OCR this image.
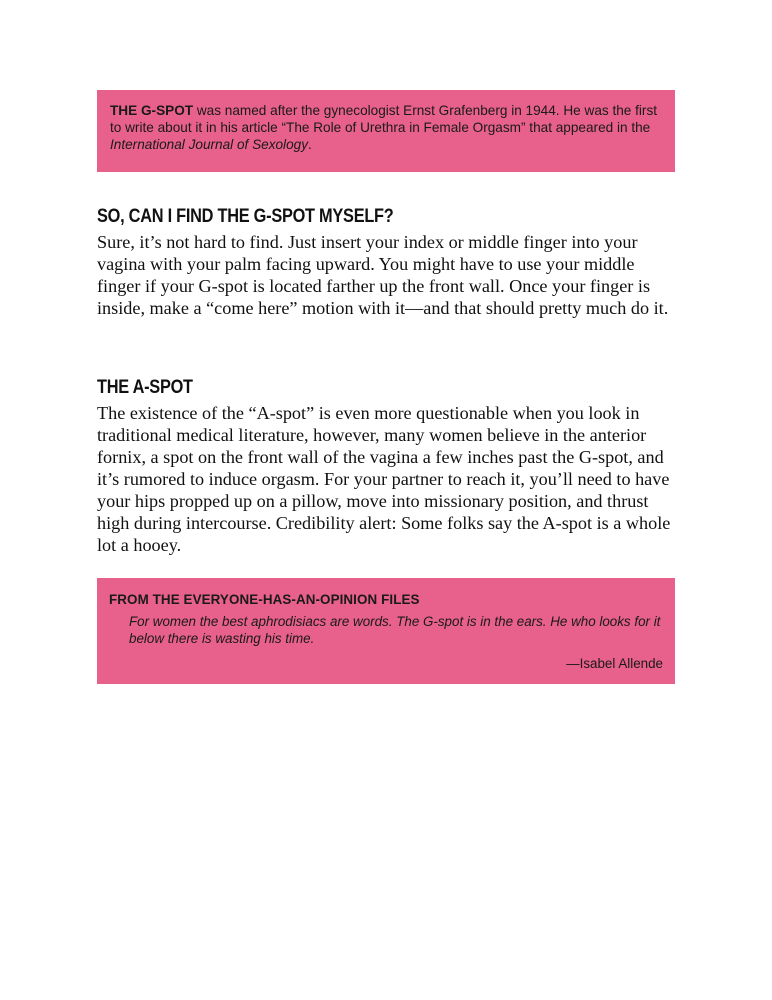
THE G-SPOT was named after the gynecologist Ernst Grafenberg in 1944. He was the first to write about it in his article “The Role of Urethra in Female Orgasm” that appeared in the International Journal of Sexology.
SO, CAN I FIND THE G-SPOT MYSELF?

Sure, it’s not hard to find. Just insert your index or middle finger into your vagina with your palm facing upward. You might have to use your middle finger if your G-spot is located farther up the front wall. Once your finger is inside, make a “come here” motion with it—and that should pretty much do it.

THE A-SPOT

The existence of the “A-spot” is even more questionable when you look in traditional medical literature, however, many women believe in the anterior fornix, a spot on the front wall of the vagina a few inches past the G-spot, and it’s rumored to induce orgasm. For your partner to reach it, you’ll need to have your hips propped up on a pillow, move into missionary position, and thrust high during intercourse. Credibility alert: Some folks say the A-spot is a whole lot a hooey.

FROM THE EVERYONE-HAS-AN-OPINION FILES
For women the best aphrodisiacs are words. The G-spot is in the ears. He who looks for it below there is wasting his time.
—Isabel Allende
